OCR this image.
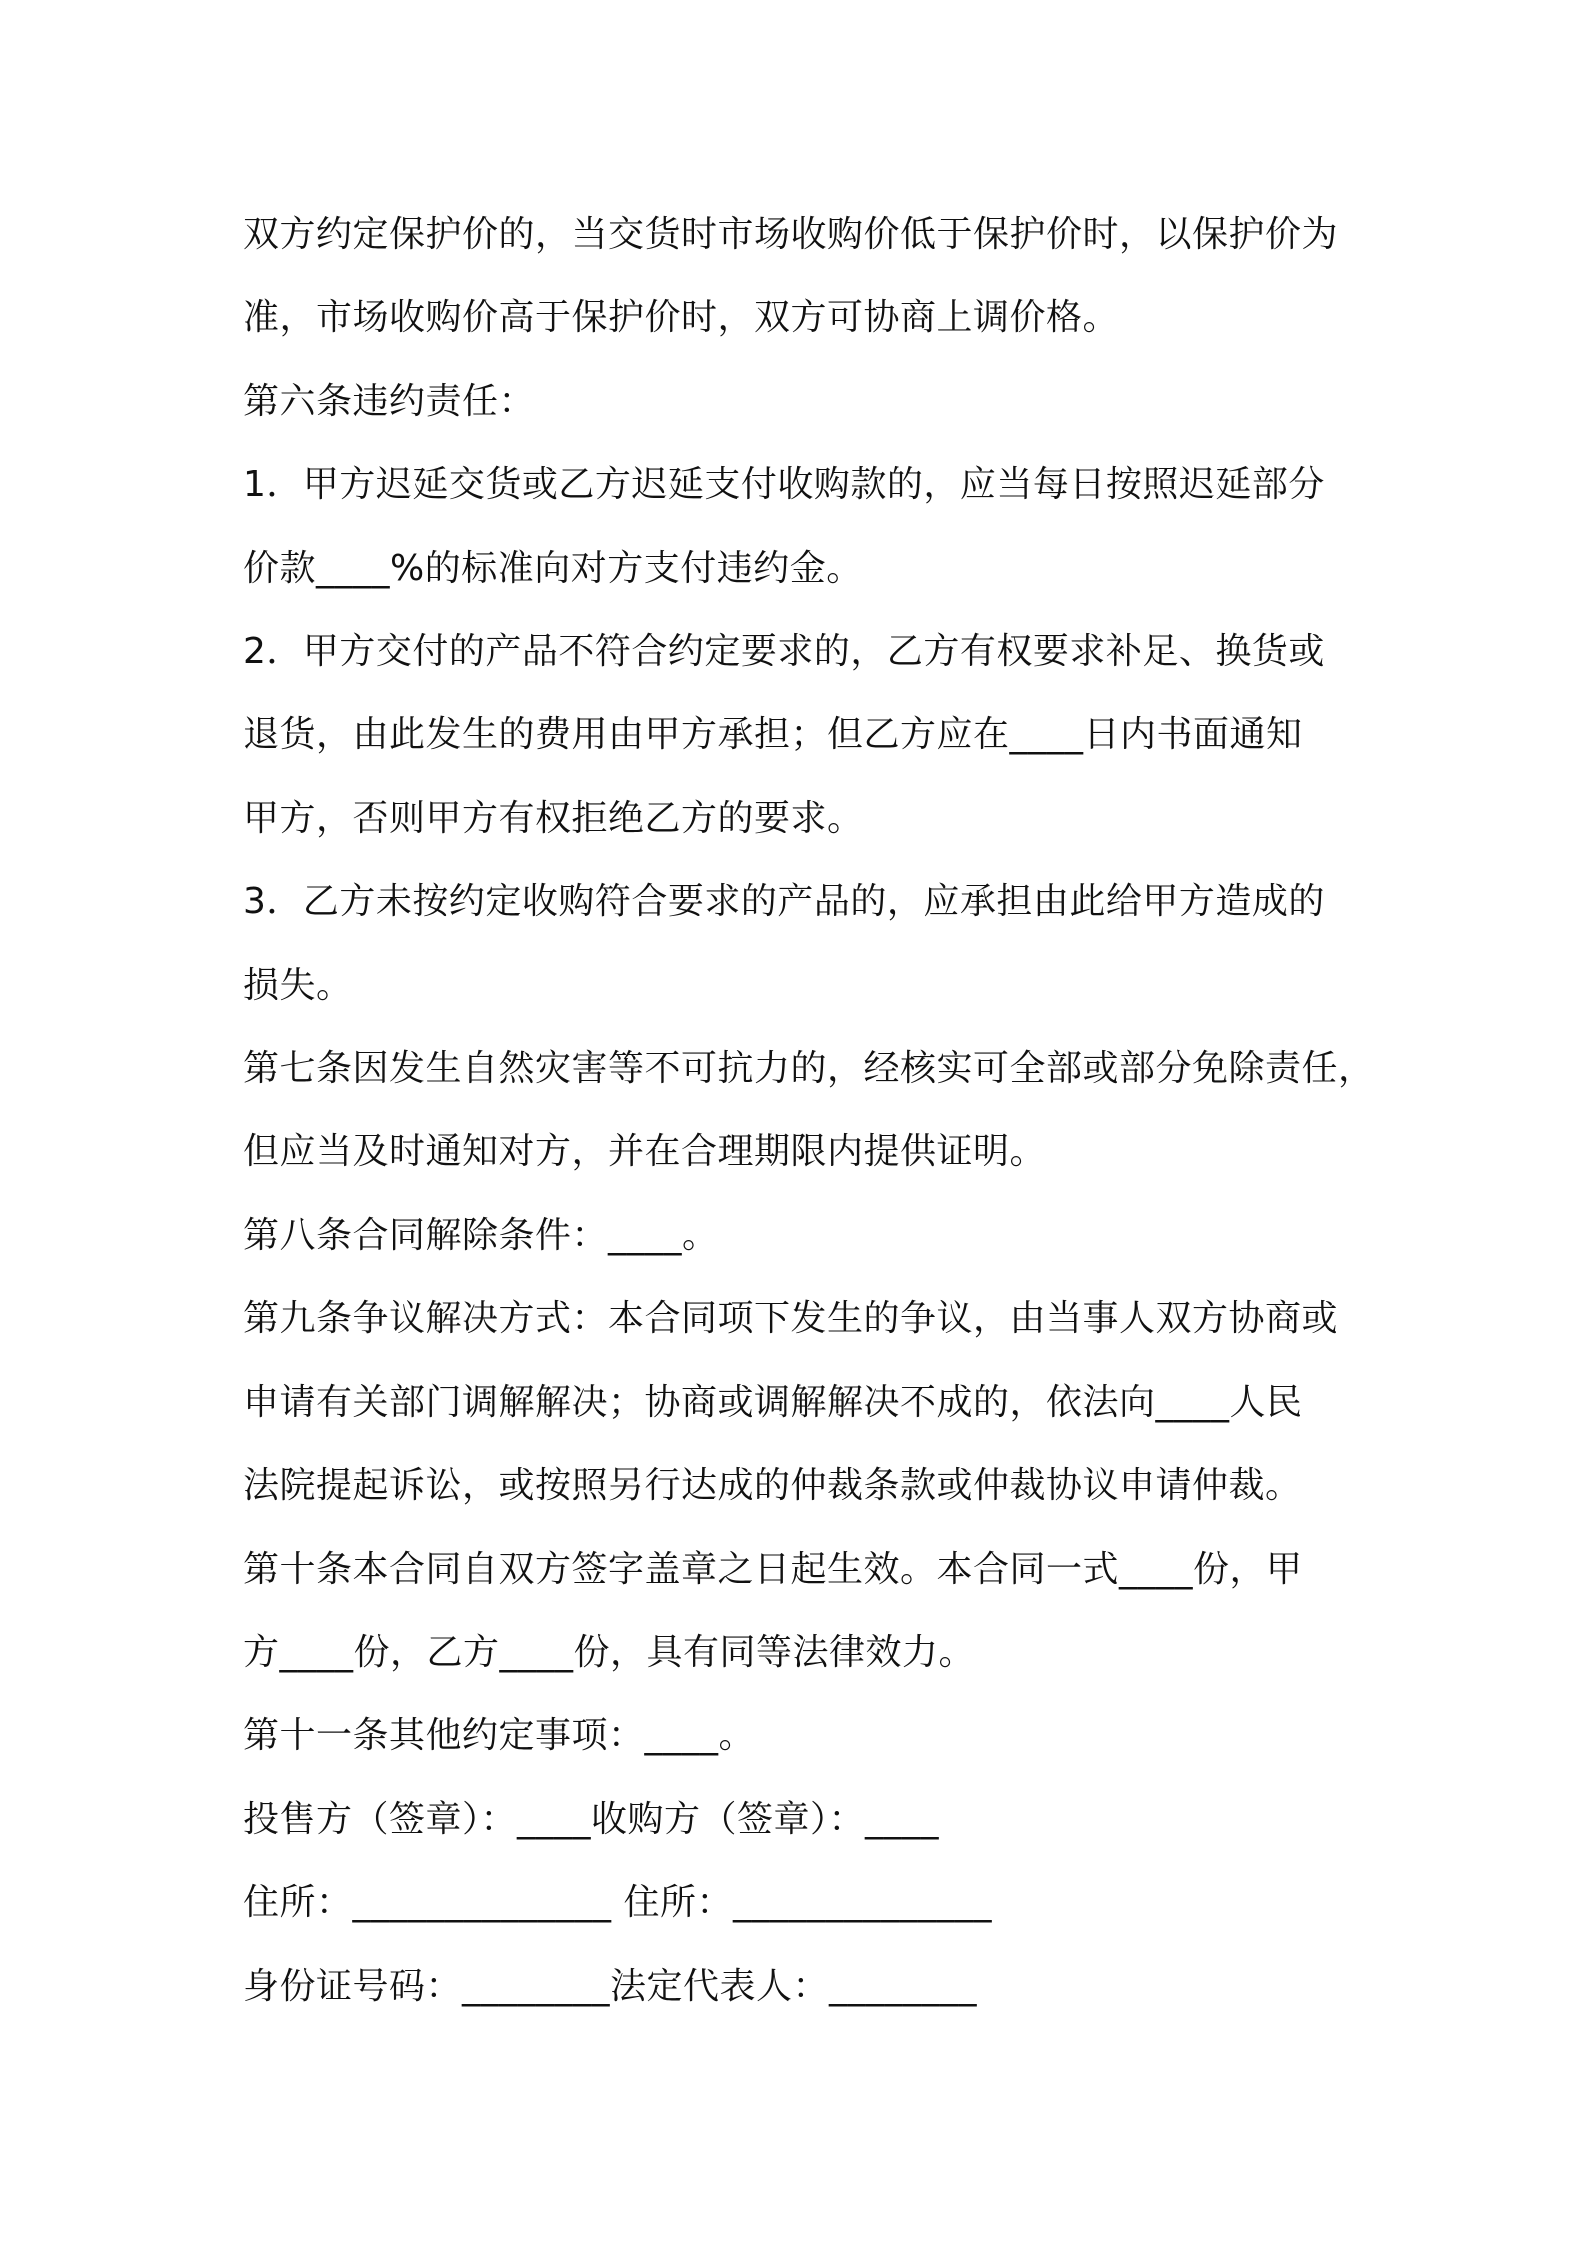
双方约定保护价的，当交货时市场收购价低于保护价时，以保护价为
准，市场收购价高于保护价时，双方可协商上调价格。

第六条违约责任：

1．甲方迟延交货或乙方迟延支付收购款的，应当每日按照迟延部分
价款____%的标准向对方支付违约金。

2．甲方交付的产品不符合约定要求的，乙方有权要求补足、换货或
退货，由此发生的费用由甲方承担；但乙方应在____日内书面通知
甲方，否则甲方有权拒绝乙方的要求。

3．乙方未按约定收购符合要求的产品的，应承担由此给甲方造成的
损失。

第七条因发生自然灾害等不可抗力的，经核实可全部或部分免除责任，
但应当及时通知对方，并在合理期限内提供证明。

第八条合同解除条件：____。

第九条争议解决方式：本合同项下发生的争议，由当事人双方协商或
申请有关部门调解解决；协商或调解解决不成的，依法向____人民
法院提起诉讼，或按照另行达成的仲裁条款或仲裁协议申请仲裁。

第十条本合同自双方签字盖章之日起生效。本合同一式____份，甲
方____份，乙方____份，具有同等法律效力。

第十一条其他约定事项：____。

投售方（签章）：____收购方（签章）：____

住所：______________ 住所：______________

身份证号码：________法定代表人：________
